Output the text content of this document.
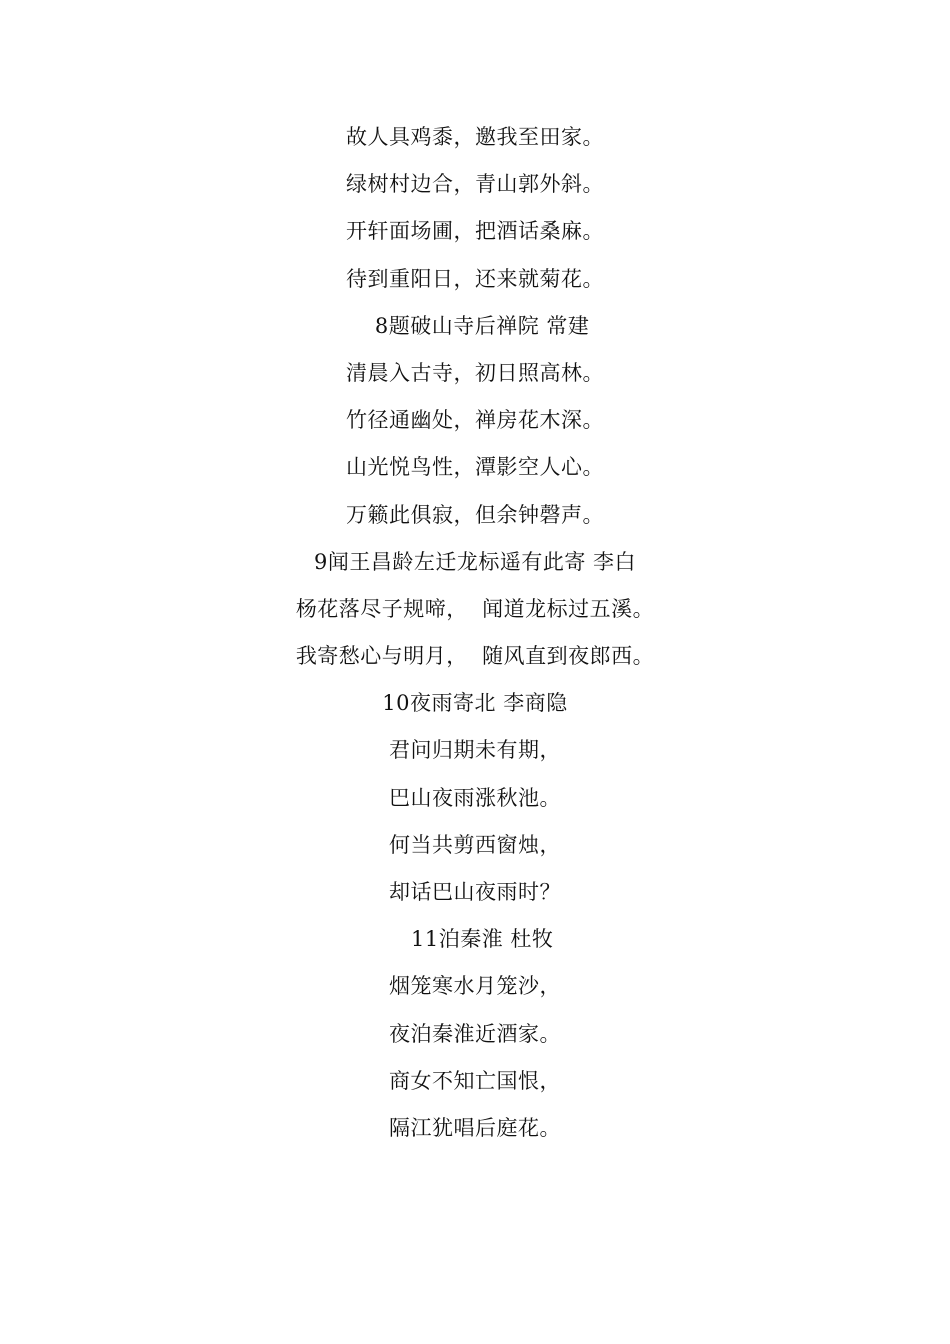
故人具鸡黍，邀我至田家。
绿树村边合，青山郭外斜。
开轩面场圃，把酒话桑麻。
待到重阳日，还来就菊花。
8题破山寺后禅院 常建
清晨入古寺，初日照高林。
竹径通幽处，禅房花木深。
山光悦鸟性，潭影空人心。
万籁此俱寂，但余钟磬声。
9闻王昌龄左迁龙标遥有此寄 李白
杨花落尽子规啼，  闻道龙标过五溪。
我寄愁心与明月，  随风直到夜郎西。
10夜雨寄北 李商隐
君问归期未有期，
巴山夜雨涨秋池。
何当共剪西窗烛，
却话巴山夜雨时？
11泊秦淮 杜牧
烟笼寒水月笼沙，
夜泊秦淮近酒家。
商女不知亡国恨，
隔江犹唱后庭花。
